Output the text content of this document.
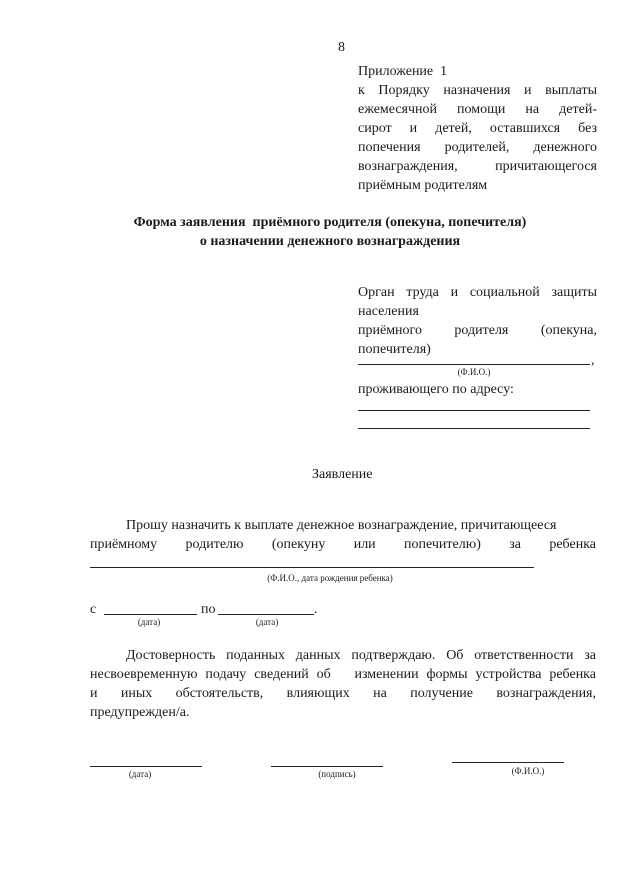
8
Приложение  1
к Порядку назначения и выплаты
ежемесячной помощи на детей-
сирот и детей, оставшихся без
попечения родителей, денежного
вознаграждения, причитающегося
приёмным родителям
Форма заявления  приёмного родителя (опекуна, попечителя)
о назначении денежного вознаграждения
Орган труда и социальной защиты
населения
приёмного родителя (опекуна,
попечителя)
,
(Ф.И.О.)
проживающего по адресу:
Заявление
Прошу назначить к выплате денежное вознаграждение, причитающееся
приёмному родителю (опекуну или попечителю) за ребенка
(Ф.И.О., дата рождения ребенка)
с	по	.
(дата)	(дата)
Достоверность поданных данных подтверждаю. Об ответственности за
несвоевременную подачу сведений об   изменении формы устройства ребенка
и иных обстоятельств, влияющих на получение вознаграждения,
предупрежден/а.
(дата)	(подпись)	(Ф.И.О.)
